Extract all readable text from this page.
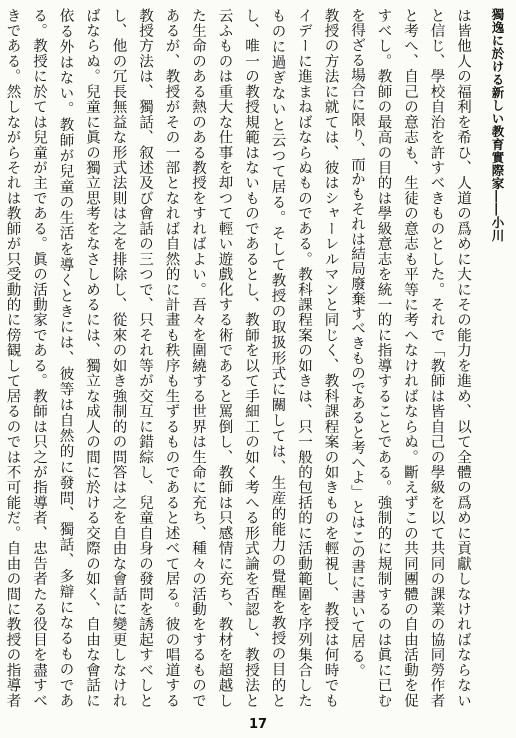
獨逸に於ける新しい教育實際家――小川

は皆他人の福利を希ひ、人道の爲めに大にその能力を進め、以て全體の爲めに貢獻しなければならないと信じ、學校自治を許すべきものとした。それで「教師は皆自己の學級を以て共同の課業の協同勞作者と考へ、自己の意志も、生徒の意志も平等に考へなければならぬ。斷えずこの共同團體の自由活動を促すべし。教師の最高の目的は學級意志を統一的に指導することである。強制的に規制するのは眞に已むを得ざる場合に限り、而かもそれは結局廢棄すべきものであると考へよ」とはこの書に書いて居る。

教授の方法に就ては、彼はシャーレルマンと同じく、教科課程案の如きものを輕視し、教授は何時でもイデーに進まねばならぬものである。教科課程案の如きは、只一般的包括的に活動範圍を序列集合したものに過ぎないと云つて居る。そして教授の取扱形式に關しては、生産的能力の覺醒を教授の目的とし、唯一の教授規範はないものであるとし、教師を以て手細工の如く考へる形式論を否認し、教授法と云ふものは重大な仕事を却つて輕い遊戲化する術であると罵倒し、教師は只感情に充ち、教材を超越した生命のある熱のある教授をすればよい。吾々を圍繞する世界は生命に充ち、種々の活動をするものであるが、教授がその一部となれば自然的に計畫も秩序も生ずるものであると述べて居る。彼の唱道する教授方法は、獨話、叙述及び會話の三つで、只それ等が交互に錯綜し、兒童自身の發問を誘起すべしとし、他の冗長無益な形式法則は之を排除し、從來の如き強制的の問答は之を自由な會話に變更しなければならぬ。兒童に眞の獨立思考をなさしめるには、獨立な成人の間に於ける交際の如く、自由な會話に依る外はない。教師が兒童の生活を導くときには、彼等は自然的に發問、獨話、多辯になるものである。教授に於ては兒童が主である。眞の活動家である。教師は只之が指導者、忠告者たる役目を盡すべきである。然しながらそれは教師が只受動的に傍観して居るのでは不可能だ。自由の間に教授の指導者

17
